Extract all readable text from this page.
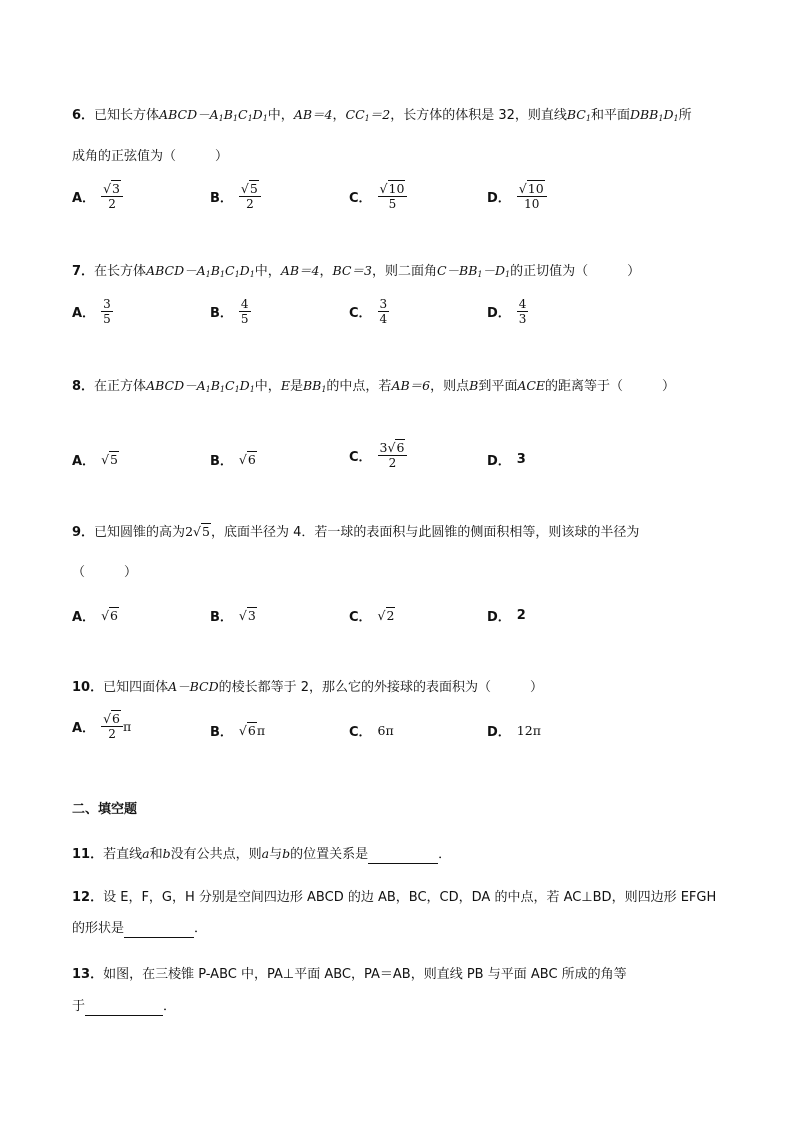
6．已知长方体$ABCD-A_1B_1C_1D_1$中，AB＝4，$CC_1=2$，长方体的体积是 32，则直线$BC_1$和平面$DBB_1D_1$所
成角的正弦值为（　　　）
A． $\frac{√3}{2}$	B． $\frac{√5}{2}$	C． $\frac{√10}{5}$	D． $\frac{√10}{10}$
7．在长方体$ABCD-A_1B_1C_1D_1$中，AB＝4，BC＝3，则二面角$C-BB_1-D_1$的正切值为（　　　）
A． $\frac{3}{5}$	B． $\frac{4}{5}$	C． $\frac{3}{4}$	D． $\frac{4}{3}$
8．在正方体$ABCD-A_1B_1C_1D_1$中，E是$BB_1$的中点，若AB＝6，则点B到平面ACE的距离等于（　　　）
A． √5	B． √6	C． $\frac{3√6}{2}$	D． 3
9．已知圆锥的高为2√5，底面半径为 4．若一球的表面积与此圆锥的侧面积相等，则该球的半径为
（　　　）
A． √6	B． √3	C． √2	D． 2
10．已知四面体A－BCD的棱长都等于 2，那么它的外接球的表面积为（　　　）
A． $\frac{√6}{2}$ π	B． √6 π	C． 6π	D． 12π
二、填空题
11．若直线a和b没有公共点，则a与b的位置关系是	．
12．设 E，F，G，H 分别是空间四边形 ABCD 的边 AB，BC，CD，DA 的中点，若 AC⊥BD，则四边形 EFGH
的形状是	．
13．如图，在三棱锥 P-ABC 中，PA⊥平面 ABC，PA＝AB，则直线 PB 与平面 ABC 所成的角等
于	．
